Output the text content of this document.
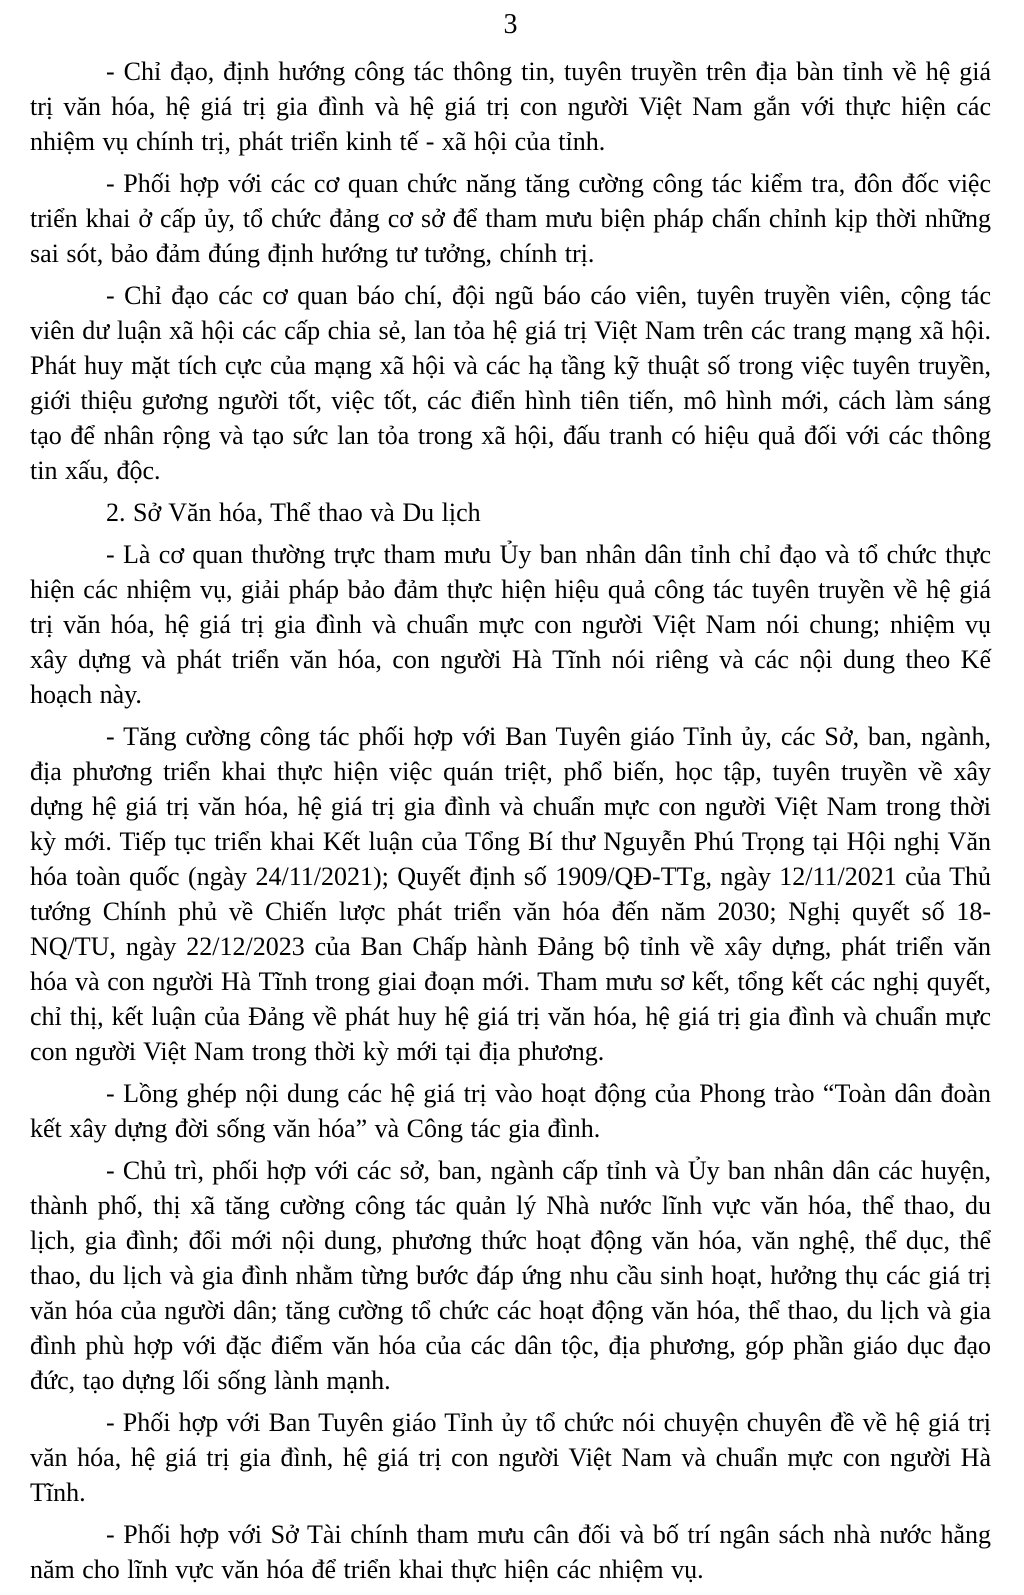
3

- Chỉ đạo, định hướng công tác thông tin, tuyên truyền trên địa bàn tỉnh về hệ giá trị văn hóa, hệ giá trị gia đình và hệ giá trị con người Việt Nam gắn với thực hiện các nhiệm vụ chính trị, phát triển kinh tế - xã hội của tỉnh.

- Phối hợp với các cơ quan chức năng tăng cường công tác kiểm tra, đôn đốc việc triển khai ở cấp ủy, tổ chức đảng cơ sở để tham mưu biện pháp chấn chỉnh kịp thời những sai sót, bảo đảm đúng định hướng tư tưởng, chính trị.

- Chỉ đạo các cơ quan báo chí, đội ngũ báo cáo viên, tuyên truyền viên, cộng tác viên dư luận xã hội các cấp chia sẻ, lan tỏa hệ giá trị Việt Nam trên các trang mạng xã hội. Phát huy mặt tích cực của mạng xã hội và các hạ tầng kỹ thuật số trong việc tuyên truyền, giới thiệu gương người tốt, việc tốt, các điển hình tiên tiến, mô hình mới, cách làm sáng tạo để nhân rộng và tạo sức lan tỏa trong xã hội, đấu tranh có hiệu quả đối với các thông tin xấu, độc.

2. Sở Văn hóa, Thể thao và Du lịch

- Là cơ quan thường trực tham mưu Ủy ban nhân dân tỉnh chỉ đạo và tổ chức thực hiện các nhiệm vụ, giải pháp bảo đảm thực hiện hiệu quả công tác tuyên truyền về hệ giá trị văn hóa, hệ giá trị gia đình và chuẩn mực con người Việt Nam nói chung; nhiệm vụ xây dựng và phát triển văn hóa, con người Hà Tĩnh nói riêng và các nội dung theo Kế hoạch này.

- Tăng cường công tác phối hợp với Ban Tuyên giáo Tỉnh ủy, các Sở, ban, ngành, địa phương triển khai thực hiện việc quán triệt, phổ biến, học tập, tuyên truyền về xây dựng hệ giá trị văn hóa, hệ giá trị gia đình và chuẩn mực con người Việt Nam trong thời kỳ mới. Tiếp tục triển khai Kết luận của Tổng Bí thư Nguyễn Phú Trọng tại Hội nghị Văn hóa toàn quốc (ngày 24/11/2021); Quyết định số 1909/QĐ-TTg, ngày 12/11/2021 của Thủ tướng Chính phủ về Chiến lược phát triển văn hóa đến năm 2030; Nghị quyết số 18-NQ/TU, ngày 22/12/2023 của Ban Chấp hành Đảng bộ tỉnh về xây dựng, phát triển văn hóa và con người Hà Tĩnh trong giai đoạn mới. Tham mưu sơ kết, tổng kết các nghị quyết, chỉ thị, kết luận của Đảng về phát huy hệ giá trị văn hóa, hệ giá trị gia đình và chuẩn mực con người Việt Nam trong thời kỳ mới tại địa phương.

- Lồng ghép nội dung các hệ giá trị vào hoạt động của Phong trào “Toàn dân đoàn kết xây dựng đời sống văn hóa” và Công tác gia đình.

- Chủ trì, phối hợp với các sở, ban, ngành cấp tỉnh và Ủy ban nhân dân các huyện, thành phố, thị xã tăng cường công tác quản lý Nhà nước lĩnh vực văn hóa, thể thao, du lịch, gia đình; đổi mới nội dung, phương thức hoạt động văn hóa, văn nghệ, thể dục, thể thao, du lịch và gia đình nhằm từng bước đáp ứng nhu cầu sinh hoạt, hưởng thụ các giá trị văn hóa của người dân; tăng cường tổ chức các hoạt động văn hóa, thể thao, du lịch và gia đình phù hợp với đặc điểm văn hóa của các dân tộc, địa phương, góp phần giáo dục đạo đức, tạo dựng lối sống lành mạnh.

- Phối hợp với Ban Tuyên giáo Tỉnh ủy tổ chức nói chuyện chuyên đề về hệ giá trị văn hóa, hệ giá trị gia đình, hệ giá trị con người Việt Nam và chuẩn mực con người Hà Tĩnh.

- Phối hợp với Sở Tài chính tham mưu cân đối và bố trí ngân sách nhà nước hằng năm cho lĩnh vực văn hóa để triển khai thực hiện các nhiệm vụ.
